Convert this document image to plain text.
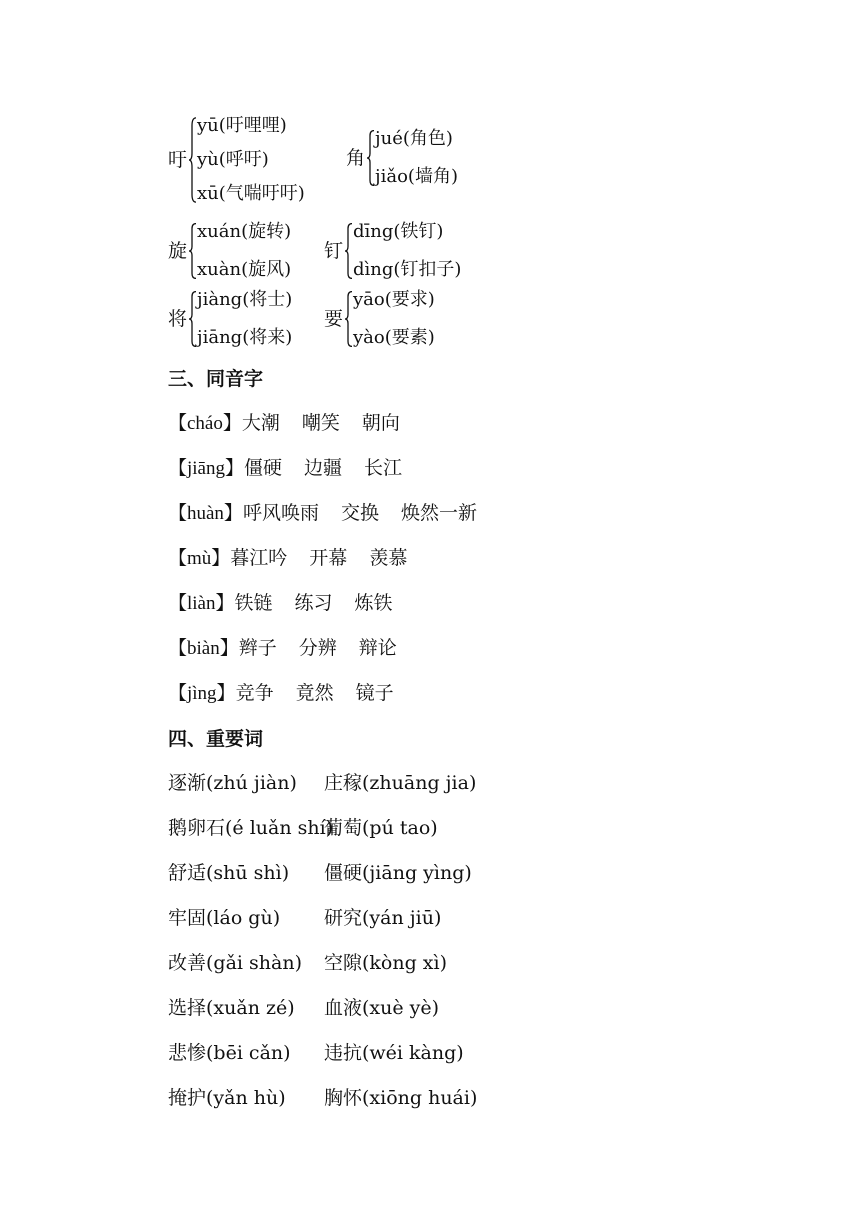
吁
yū(吁哩哩)
yù(呼吁)
xū(气喘吁吁)
角
jué(角色)
jiǎo(墙角)
旋
xuán(旋转)
xuàn(旋风)
钉
dīng(铁钉)
dìng(钉扣子)
将
jiàng(将士)
jiāng(将来)
要
yāo(要求)
yào(要素)
三、同音字
【cháo】大潮 嘲笑 朝向
【jiāng】僵硬 边疆 长江
【huàn】呼风唤雨 交换 焕然一新
【mù】暮江吟 开幕 羡慕
【liàn】铁链 练习 炼铁
【biàn】辫子 分辨 辩论
【jìng】竞争 竟然 镜子
四、重要词
逐渐(zhú jiàn) 庄稼(zhuāng jia)
鹅卵石(é luǎn shí)葡萄(pú tao)
舒适(shū shì) 僵硬(jiāng yìng)
牢固(láo gù) 研究(yán jiū)
改善(gǎi shàn) 空隙(kòng xì)
选择(xuǎn zé) 血液(xuè yè)
悲惨(bēi cǎn) 违抗(wéi kàng)
掩护(yǎn hù) 胸怀(xiōng huái)
